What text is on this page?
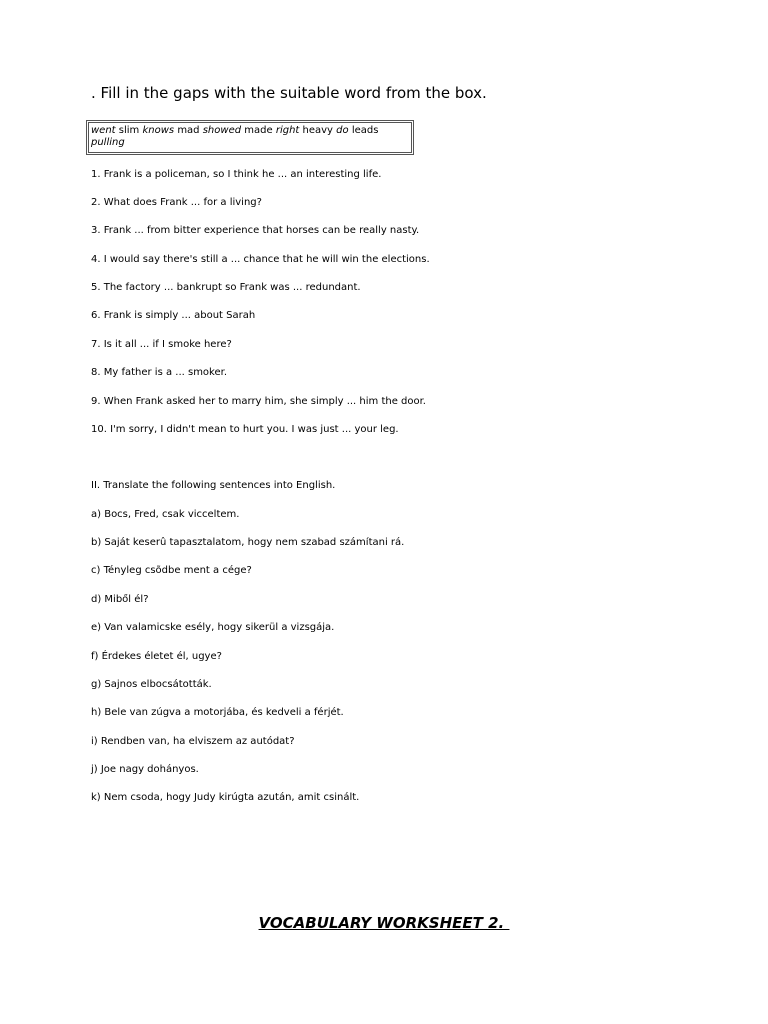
. Fill in the gaps with the suitable word from the box.
went slim knows mad showed made right heavy do leads
pulling
1. Frank is a policeman, so I think he ... an interesting life.
2. What does Frank ... for a living?
3. Frank ... from bitter experience that horses can be really nasty.
4. I would say there's still a ... chance that he will win the elections.
5. The factory ... bankrupt so Frank was ... redundant.
6. Frank is simply ... about Sarah
7. Is it all ... if I smoke here?
8. My father is a ... smoker.
9. When Frank asked her to marry him, she simply ... him the door.
10. I'm sorry, I didn't mean to hurt you. I was just ... your leg.
II. Translate the following sentences into English.
a) Bocs, Fred, csak vicceltem.
b) Saját keserû tapasztalatom, hogy nem szabad számítani rá.
c) Tényleg csõdbe ment a cége?
d) Miből él?
e) Van valamicske esély, hogy sikerül a vizsgája.
f) Érdekes életet él, ugye?
g) Sajnos elbocsátották.
h) Bele van zúgva a motorjába, és kedveli a férjét.
i) Rendben van, ha elviszem az autódat?
j) Joe nagy dohányos.
k) Nem csoda, hogy Judy kirúgta azután, amit csinált.
VOCABULARY WORKSHEET 2.
